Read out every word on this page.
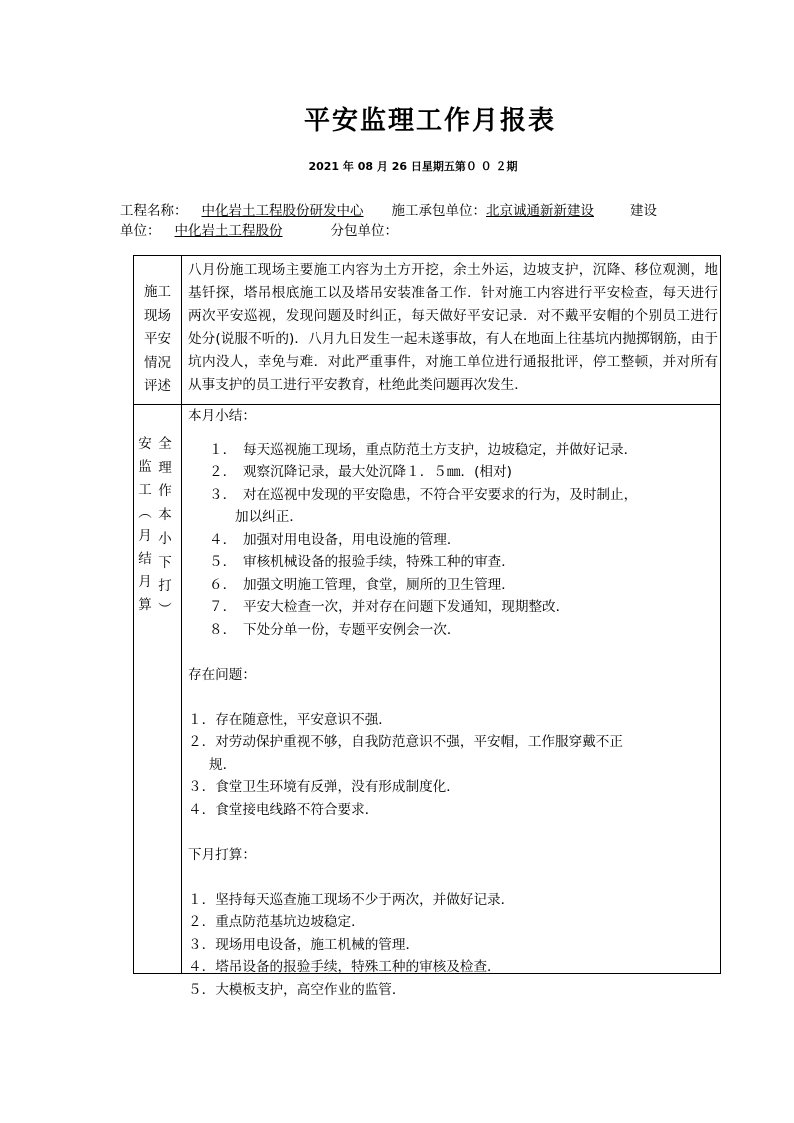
平安监理工作月报表
2021 年 08 月 26 日星期五第０ ０ ２期
工程名称： 中化岩土工程股份研发中心 施工承包单位：北京诚通新新建设	建设
单位： 中化岩土工程股份	分包单位：
施工
现场
平安
情况
评述

八月份施工现场主要施工内容为土方开挖，余土外运，边坡支护，沉降、移位观测，地基钎探，塔吊根底施工以及塔吊安装准备工作．针对施工内容进行平安检查，每天进行两次平安巡视，发现问题及时纠正，每天做好平安记录．对不戴平安帽的个别员工进行处分(说服不听的)．八月九日发生一起未遂事故，有人在地面上往基坑内抛掷钢筋，由于坑内没人，幸免与难．对此严重事件，对施工单位进行通报批评，停工整顿，并对所有从事支护的员工进行平安教育，杜绝此类问题再次发生．

安
监
工
︵
月
结
月
算
全
理
作
本
小
下
打
︶
本月小结：
１． 每天巡视施工现场，重点防范土方支护，边坡稳定，并做好记录．
２． 观察沉降记录，最大处沉降１．５㎜．(相对)
３． 对在巡视中发现的平安隐患，不符合平安要求的行为，及时制止，
加以纠正．
４． 加强对用电设备，用电设施的管理．
５． 审核机械设备的报验手续，特殊工种的审查．
６． 加强文明施工管理，食堂，厕所的卫生管理．
７． 平安大检查一次，并对存在问题下发通知，现期整改．
８． 下处分单一份，专题平安例会一次．
存在问题：
１．存在随意性，平安意识不强．
２．对劳动保护重视不够，自我防范意识不强，平安帽，工作服穿戴不正
规．
３．食堂卫生环境有反弹，没有形成制度化．
４．食堂接电线路不符合要求．
下月打算：
１．坚持每天巡查施工现场不少于两次，并做好记录．
２．重点防范基坑边坡稳定．
３．现场用电设备，施工机械的管理．
４．塔吊设备的报验手续，特殊工种的审核及检查．
５．大模板支护，高空作业的监管．
